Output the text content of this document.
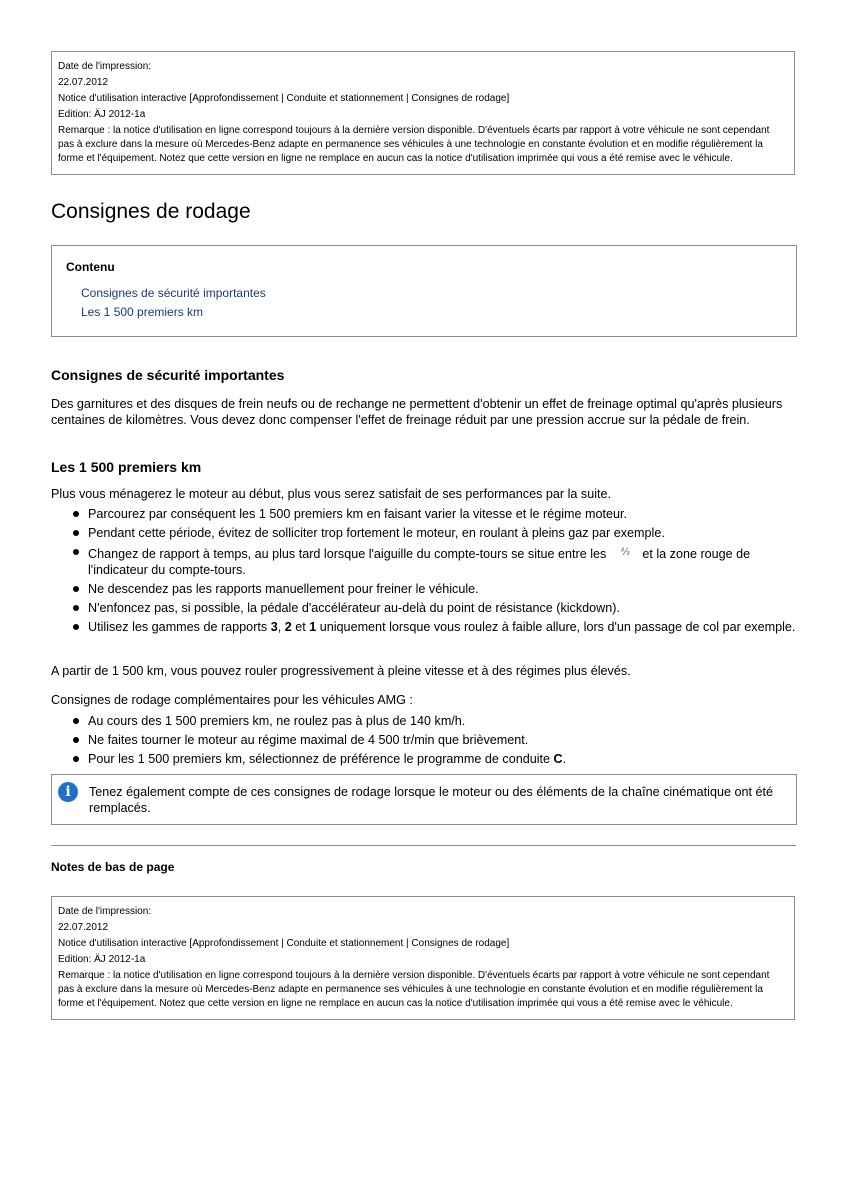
Date de l'impression:
22.07.2012
Notice d'utilisation interactive [Approfondissement | Conduite et stationnement | Consignes de rodage]
Edition: ÄJ 2012-1a
Remarque : la notice d'utilisation en ligne correspond toujours à la dernière version disponible. D'éventuels écarts par rapport à votre véhicule ne sont cependant pas à exclure dans la mesure où Mercedes-Benz adapte en permanence ses véhicules à une technologie en constante évolution et en modifie régulièrement la forme et l'équipement. Notez que cette version en ligne ne remplace en aucun cas la notice d'utilisation imprimée qui vous a été remise avec le véhicule.
Consignes de rodage
Contenu
Consignes de sécurité importantes
Les 1 500 premiers km
Consignes de sécurité importantes

Des garnitures et des disques de frein neufs ou de rechange ne permettent d'obtenir un effet de freinage optimal qu'après plusieurs centaines de kilomètres. Vous devez donc compenser l'effet de freinage réduit par une pression accrue sur la pédale de frein.

Les 1 500 premiers km

Plus vous ménagerez le moteur au début, plus vous serez satisfait de ses performances par la suite.

Parcourez par conséquent les 1 500 premiers km en faisant varier la vitesse et le régime moteur.
Pendant cette période, évitez de solliciter trop fortement le moteur, en roulant à pleins gaz par exemple.
Changez de rapport à temps, au plus tard lorsque l'aiguille du compte-tours se situe entre les ⅔ et la zone rouge de l'indicateur du compte-tours.
Ne descendez pas les rapports manuellement pour freiner le véhicule.
N'enfoncez pas, si possible, la pédale d'accélérateur au-delà du point de résistance (kickdown).
Utilisez les gammes de rapports 3, 2 et 1 uniquement lorsque vous roulez à faible allure, lors d'un passage de col par exemple.

A partir de 1 500 km, vous pouvez rouler progressivement à pleine vitesse et à des régimes plus élevés.

Consignes de rodage complémentaires pour les véhicules AMG :

Au cours des 1 500 premiers km, ne roulez pas à plus de 140 km/h.
Ne faites tourner le moteur au régime maximal de 4 500 tr/min que brièvement.
Pour les 1 500 premiers km, sélectionnez de préférence le programme de conduite C.
i	Tenez également compte de ces consignes de rodage lorsque le moteur ou des éléments de la chaîne cinématique ont été remplacés.
Notes de bas de page
Date de l'impression:
22.07.2012
Notice d'utilisation interactive [Approfondissement | Conduite et stationnement | Consignes de rodage]
Edition: ÄJ 2012-1a
Remarque : la notice d'utilisation en ligne correspond toujours à la dernière version disponible. D'éventuels écarts par rapport à votre véhicule ne sont cependant pas à exclure dans la mesure où Mercedes-Benz adapte en permanence ses véhicules à une technologie en constante évolution et en modifie régulièrement la forme et l'équipement. Notez que cette version en ligne ne remplace en aucun cas la notice d'utilisation imprimée qui vous a été remise avec le véhicule.
